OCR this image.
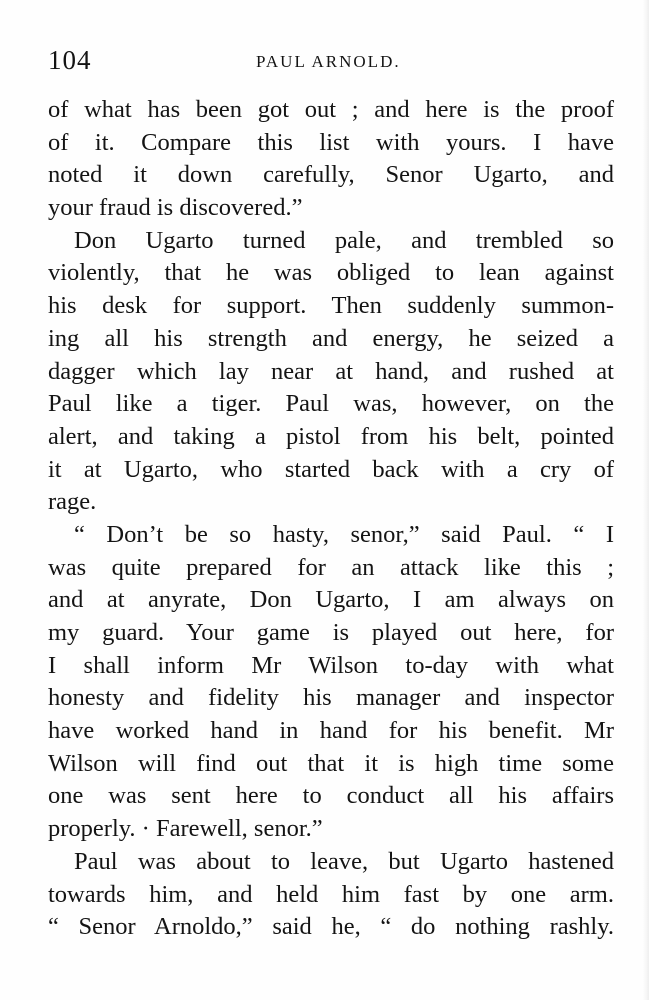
104	PAUL ARNOLD.
of what has been got out ; and here is the proof
of it. Compare this list with yours. I have
noted it down carefully, Senor Ugarto, and
your fraud is discovered.”
Don Ugarto turned pale, and trembled so
violently, that he was obliged to lean against
his desk for support. Then suddenly summon-
ing all his strength and energy, he seized a
dagger which lay near at hand, and rushed at
Paul like a tiger. Paul was, however, on the
alert, and taking a pistol from his belt, pointed
it at Ugarto, who started back with a cry of
rage.
“ Don’t be so hasty, senor,” said Paul. “ I
was quite prepared for an attack like this ;
and at anyrate, Don Ugarto, I am always on
my guard. Your game is played out here, for
I shall inform Mr Wilson to-day with what
honesty and fidelity his manager and inspector
have worked hand in hand for his benefit. Mr
Wilson will find out that it is high time some
one was sent here to conduct all his affairs
properly. · Farewell, senor.”
Paul was about to leave, but Ugarto hastened
towards him, and held him fast by one arm.
“ Senor Arnoldo,” said he, “ do nothing rashly.
